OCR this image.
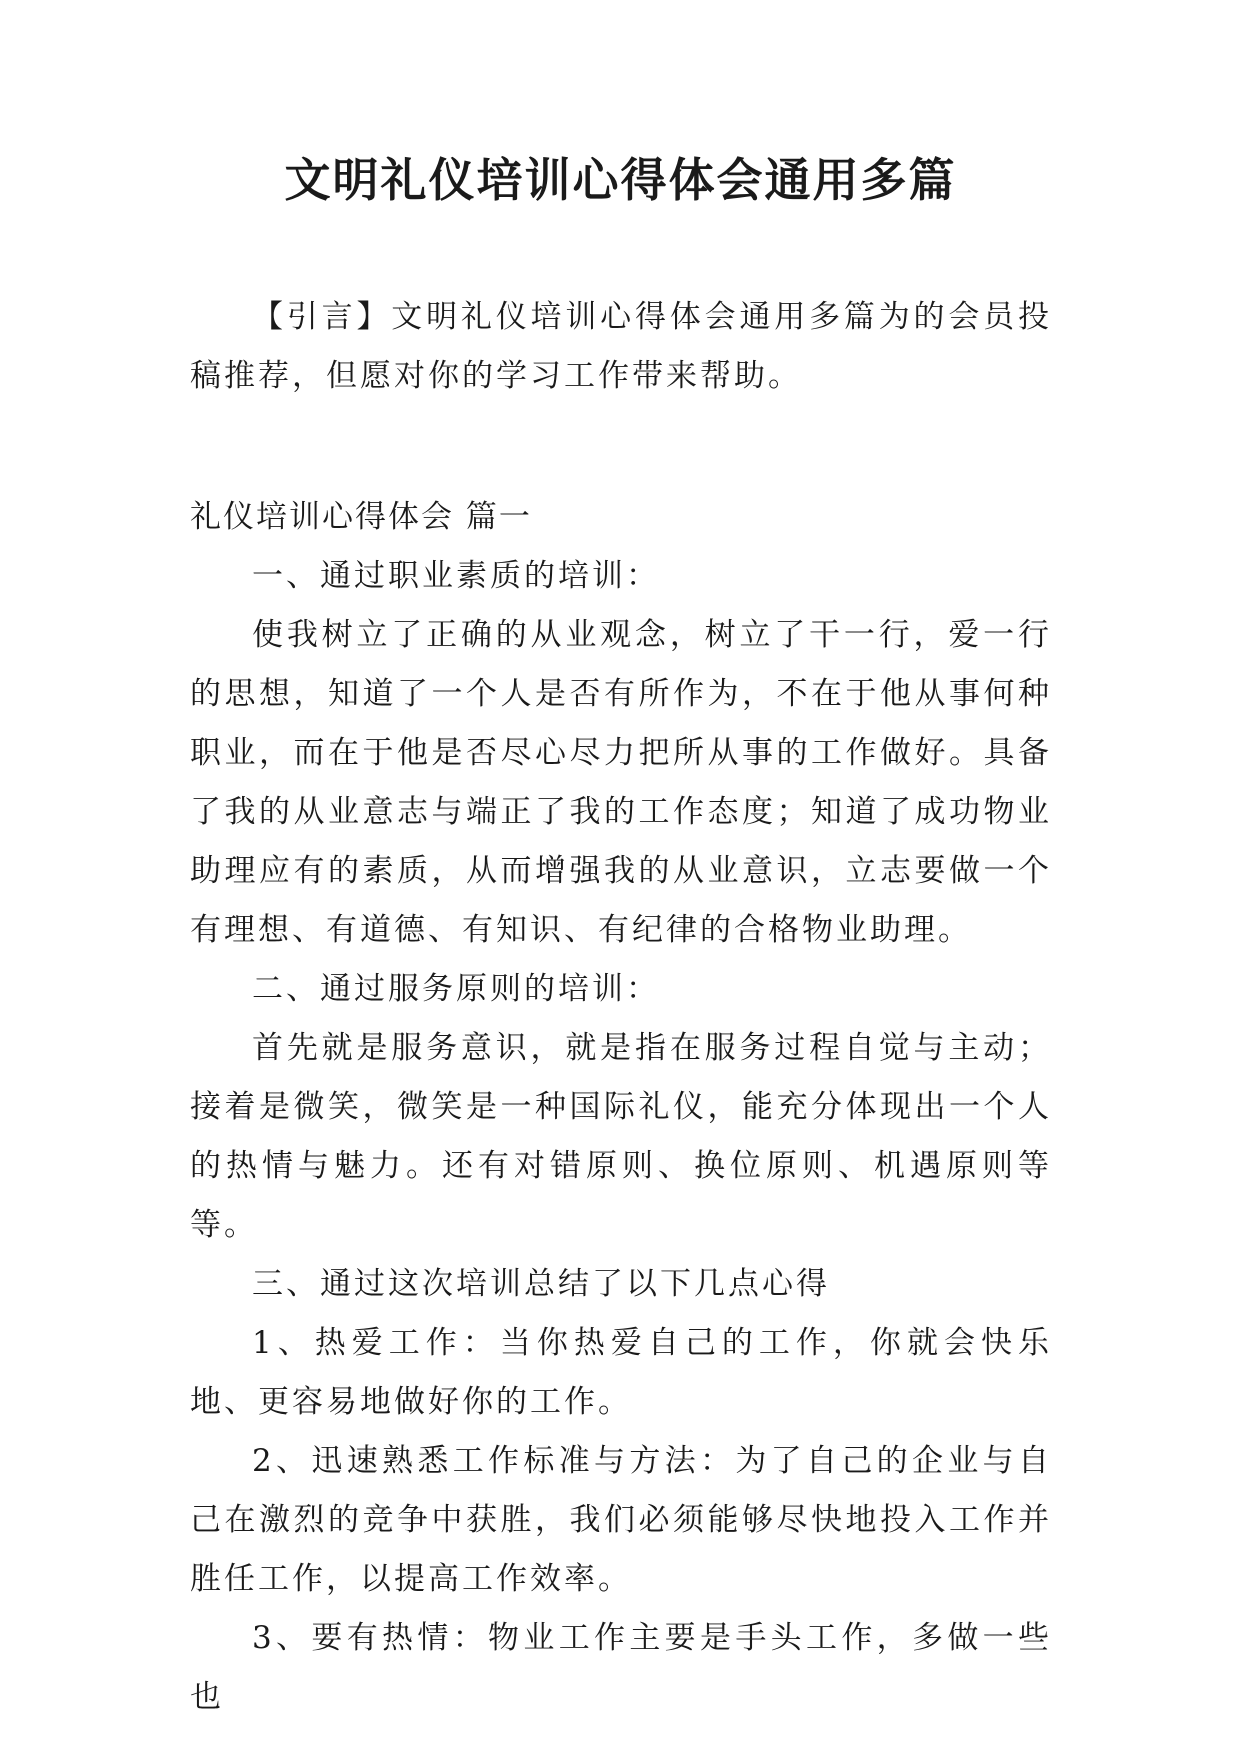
文明礼仪培训心得体会通用多篇

【引言】文明礼仪培训心得体会通用多篇为的会员投稿推荐，但愿对你的学习工作带来帮助。

礼仪培训心得体会 篇一

一、通过职业素质的培训：

使我树立了正确的从业观念，树立了干一行，爱一行的思想，知道了一个人是否有所作为，不在于他从事何种职业，而在于他是否尽心尽力把所从事的工作做好。具备了我的从业意志与端正了我的工作态度；知道了成功物业助理应有的素质，从而增强我的从业意识，立志要做一个有理想、有道德、有知识、有纪律的合格物业助理。

二、通过服务原则的培训：

首先就是服务意识，就是指在服务过程自觉与主动；接着是微笑，微笑是一种国际礼仪，能充分体现出一个人的热情与魅力。还有对错原则、换位原则、机遇原则等等。

三、通过这次培训总结了以下几点心得

1、热爱工作：当你热爱自己的工作，你就会快乐地、更容易地做好你的工作。

2、迅速熟悉工作标准与方法：为了自己的企业与自己在激烈的竞争中获胜，我们必须能够尽快地投入工作并胜任工作，以提高工作效率。

3、要有热情：物业工作主要是手头工作，多做一些也
